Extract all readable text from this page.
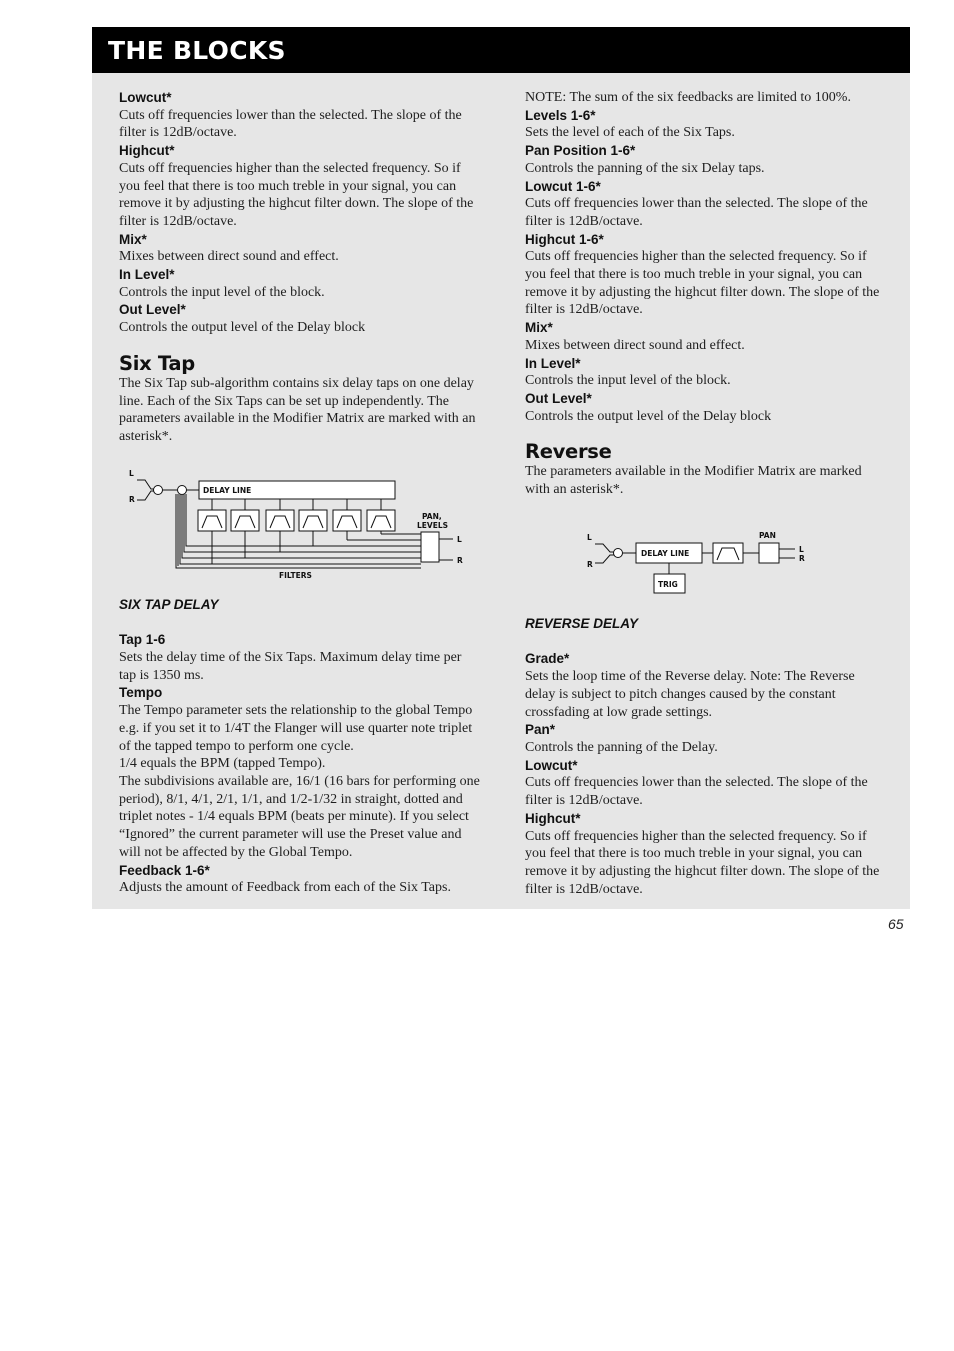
THE BLOCKS
Lowcut*
Cuts off frequencies lower than the selected. The slope of the filter is 12dB/octave.
Highcut*
Cuts off frequencies higher than the selected frequency. So if you feel that there is too much treble in your signal, you can remove it by adjusting the highcut filter down. The slope of the filter is 12dB/octave.
Mix*
Mixes between direct sound and effect.
In Level*
Controls the input level of the block.
Out Level*
Controls the output level of the Delay block
Six Tap
The Six Tap sub-algorithm contains six delay taps on one delay line. Each of the Six Taps can be set up independently. The parameters available in the Modifier Matrix are marked with an asterisk*.
L
R
DELAY LINE
PAN,
LEVELS
L
R
FILTERS
SIX TAP DELAY
Tap 1-6
Sets the delay time of the Six Taps. Maximum delay time per tap is 1350 ms.
Tempo
The Tempo parameter sets the relationship to the global Tempo e.g. if you set it to 1/4T the Flanger will use quarter note triplet of the tapped tempo to perform one cycle.
1/4 equals the BPM (tapped Tempo).
The subdivisions available are, 16/1 (16 bars for performing one period), 8/1, 4/1, 2/1, 1/1, and 1/2-1/32 in straight, dotted and triplet notes - 1/4 equals BPM (beats per minute). If you select “Ignored” the current parameter will use the Preset value and will not be affected by the Global Tempo.
Feedback 1-6*
Adjusts the amount of Feedback from each of the Six Taps.
NOTE: The sum of the six feedbacks are limited to 100%.
Levels 1-6*
Sets the level of each of the Six Taps.
Pan Position 1-6*
Controls the panning of the six Delay taps.
Lowcut 1-6*
Cuts off frequencies lower than the selected. The slope of the filter is 12dB/octave.
Highcut 1-6*
Cuts off frequencies higher than the selected frequency. So if you feel that there is too much treble in your signal, you can remove it by adjusting the highcut filter down. The slope of the filter is 12dB/octave.
Mix*
Mixes between direct sound and effect.
In Level*
Controls the input level of the block.
Out Level*
Controls the output level of the Delay block
Reverse
The parameters available in the Modifier Matrix are marked with an asterisk*.
L
R
DELAY LINE
PAN
L
R
TRIG
REVERSE DELAY
Grade*
Sets the loop time of the Reverse delay. Note: The Reverse delay is subject to pitch changes caused by the constant crossfading at low grade settings.
Pan*
Controls the panning of the Delay.
Lowcut*
Cuts off frequencies lower than the selected. The slope of the filter is 12dB/octave.
Highcut*
Cuts off frequencies higher than the selected frequency. So if you feel that there is too much treble in your signal, you can remove it by adjusting the highcut filter down. The slope of the filter is 12dB/octave.
65
